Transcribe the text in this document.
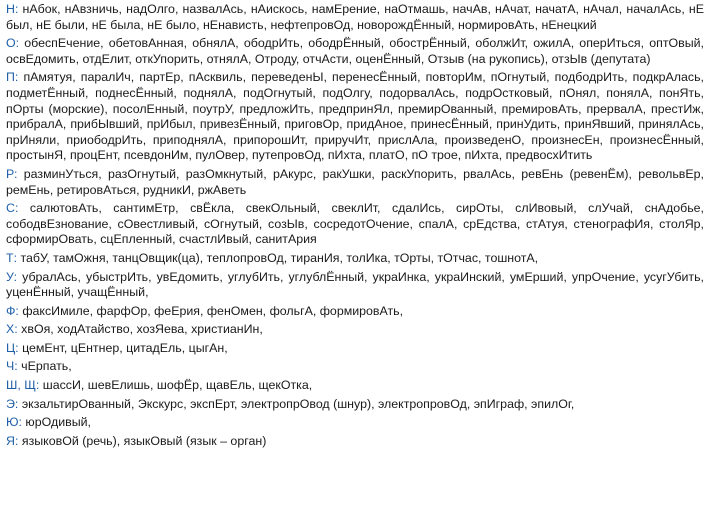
Н: нАбок, нАвзничь, надОлго, назвалАсь, нАискось, намЕрение, наОтмашь, начАв, нАчат, начатА, нАчал, началАсь, нЕ был, нЕ были, нЕ была, нЕ было, нЕнависть, нефтепровОд, новорождЁнный, нормировАть, нЕнецкий
О: обеспЕчение, обетовАнная, обнялА, ободрИть, ободрЁнный, обострЁнный, оболжИт, ожилА, оперИться, оптОвый, освЕдомить, отдЕлит, откУпорить, отнялА, Отроду, отчАсти, оценЁнный, Отзыв (на рукопись), отзЫв (депутата)
П: пАмятуя, паралИч, партЕр, пАсквиль, переведенЫ, перенесЁнный, повторИм, пОгнутый, подбодрИть, подкрАлась, подметЁнный, поднесЁнный, поднялА, подОгнутый, подОлгу, подорвалАсь, подрОстковый, пОнял, понялА, понЯть, пОрты (морские), посолЕнный, поутрУ, предложИть, предпринЯл, премирОванный, премировАть, прервалА, престИж, прибралА, прибЫвший, прИбыл, привезЁнный, приговОр, придАное, принесЁнный, принУдить, принЯвший, принялАсь, прИняли, приободрИть, приподнялА, припорошИт, приручИт, прислАла, произведенО, произнесЕн, произнесЁнный, простынЯ, процЕнт, псевдонИм, пулОвер, путепровОд, пИхта, платО, пО трое, пИхта, предвосхИтить
Р: разминУться, разОгнутый, разОмкнутый, рАкурс, ракУшки, раскУпорить, рвалАсь, ревЕнь (ревенЁм), револьвЕр, ремЕнь, ретировАться, рудникИ, ржАветь
С: салютовАть, сантимЕтр, свЁкла, свекОльный, свеклИт, сдалИсь, сирОты, слИвовый, слУчай, снАдобье, сободвЕзнование, сОвестливый, сОгнутый, созЫв, сосредотОчение, спалА, срЕдства, стАтуя, стенографИя, столЯр, сформирОвать, сцЕпленный, счастлИвый, санитАрия
Т: табУ, тамОжня, танцОвщик(ца), теплопровОд, тиранИя, толИка, тОрты, тОтчас, тошнотА,
У: убралАсь, убыстрИть, увЕдомить, углубИть, углублЁнный, украИнка, украИнский, умЕрший, упрОчение, усугУбить, уценЁнный, учащЁнный,
Ф: факсИмиле, фарфОр, феЕрия, фенОмен, фольгА, формировАть,
Х: хвОя, ходАтайство, хозЯева, христианИн,
Ц: цемЕнт, цЕнтнер, цитадЕль, цыгАн,
Ч: чЕрпать,
Ш, Щ: шассИ, шевЕлишь, шофЁр, щавЕль, щекОтка,
Э: экзальтирОванный, Экскурс, экспЕрт, электропрОвод (шнур), электропровОд, эпИграф, эпилОг,
Ю: юрОдивый,
Я: языковОй (речь), языкОвый (язык – орган)
